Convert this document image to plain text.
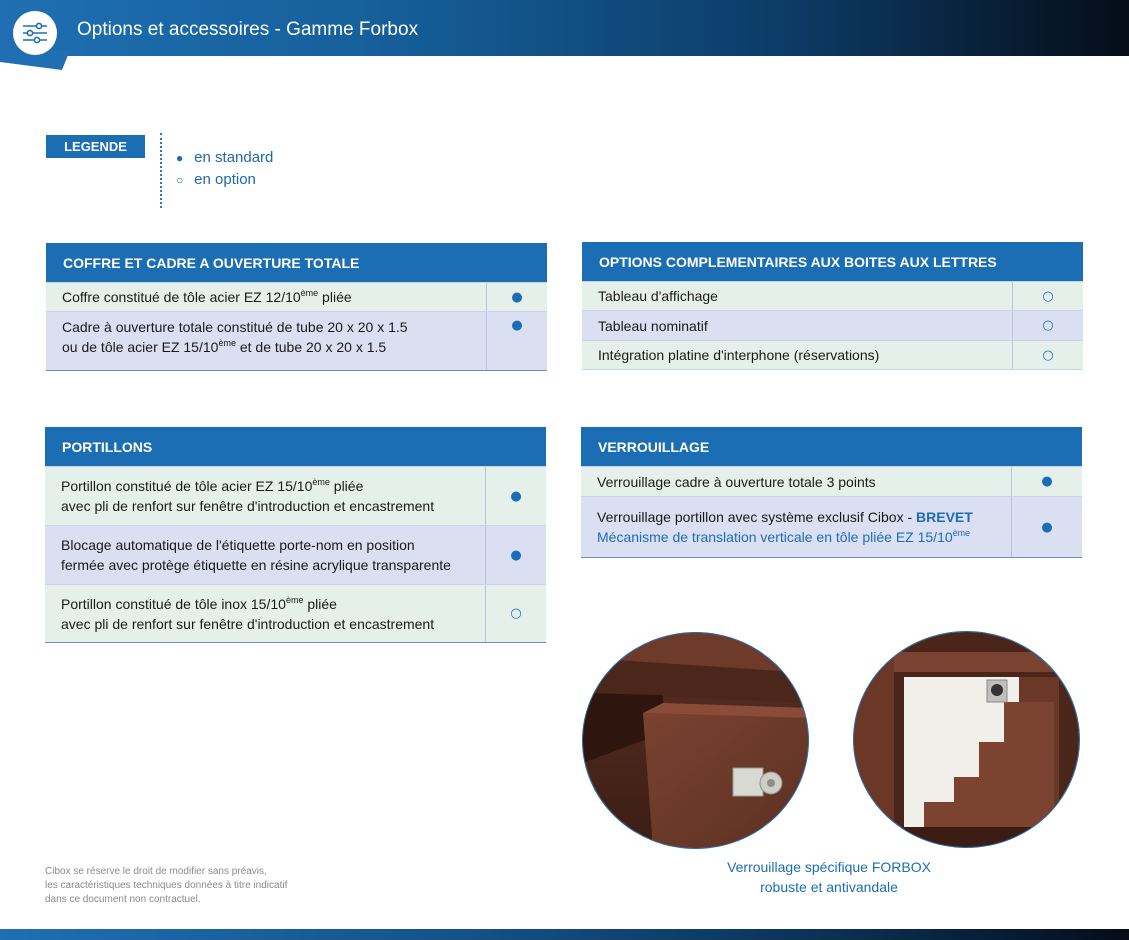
Options et accessoires - Gamme Forbox
LEGENDE
● en standard
○ en option
COFFRE ET CADRE A OUVERTURE TOTALE
Coffre constitué de tôle acier EZ 12/10ème pliée	●
Cadre à ouverture totale constitué de tube 20 x 20 x 1.5
ou de tôle acier EZ 15/10ème et de tube 20 x 20 x 1.5
●
OPTIONS COMPLEMENTAIRES AUX BOITES AUX LETTRES
Tableau d'affichage	○
Tableau nominatif	○
Intégration platine d'interphone (réservations)	○
PORTILLONS
Portillon constitué de tôle acier EZ 15/10ème pliée
avec pli de renfort sur fenêtre d'introduction et encastrement
●
Blocage automatique de l'étiquette porte-nom en position
fermée avec protège étiquette en résine acrylique transparente
●
Portillon constitué de tôle inox 15/10ème pliée
avec pli de renfort sur fenêtre d'introduction et encastrement
○
VERROUILLAGE
Verrouillage cadre à ouverture totale 3 points	●
Verrouillage portillon avec système exclusif Cibox - BREVET
Mécanisme de translation verticale en tôle pliée EZ 15/10ème	●
Verrouillage spécifique FORBOX
robuste et antivandale
Cibox se réserve le droit de modifier sans préavis,
les caractéristiques techniques données à titre indicatif
dans ce document non contractuel.
